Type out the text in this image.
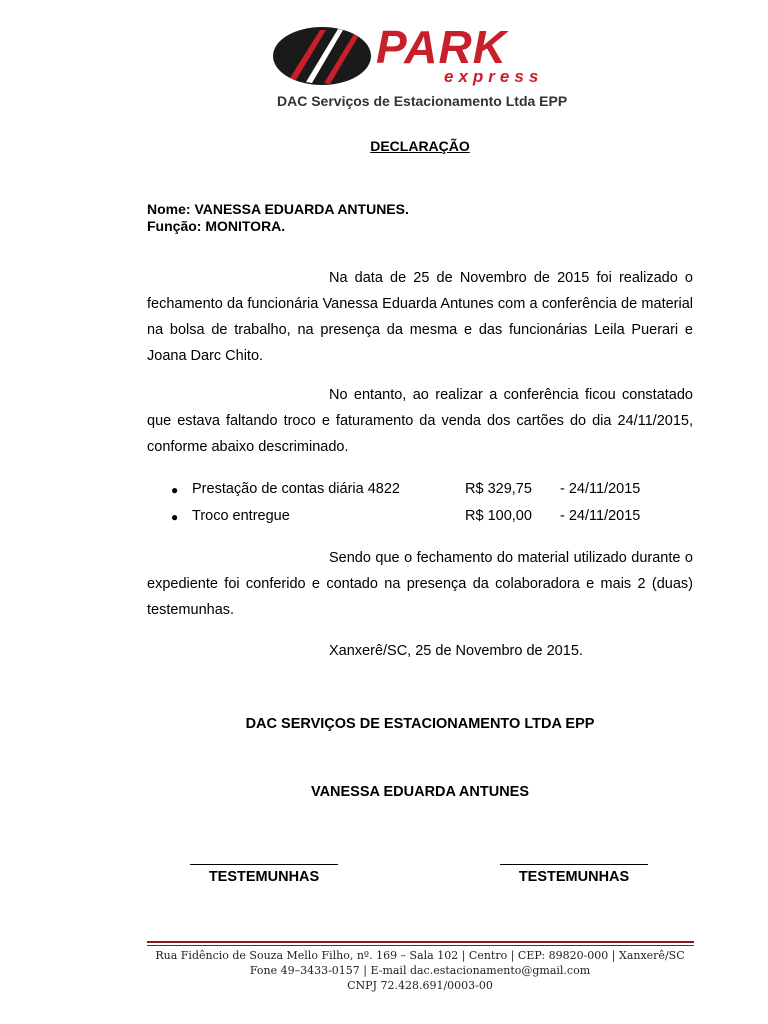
PARK
express
DAC Serviços de Estacionamento Ltda EPP
DECLARAÇÃO
Nome: VANESSA EDUARDA ANTUNES.
Função: MONITORA.

Na data de 25 de Novembro de 2015 foi realizado o fechamento da funcionária Vanessa Eduarda Antunes com a conferência de material na bolsa de trabalho, na presença da mesma e das funcionárias Leila Puerari e Joana Darc Chito.

No entanto, ao realizar a conferência ficou constatado que estava faltando troco e faturamento da venda dos cartões do dia 24/11/2015, conforme abaixo descriminado.

● Prestação de contas diária 4822	R$ 329,75 - 24/11/2015
● Troco entregue	R$ 100,00 - 24/11/2015

Sendo que o fechamento do material utilizado durante o expediente foi conferido e contado na presença da colaboradora e mais 2 (duas) testemunhas.

Xanxerê/SC, 25 de Novembro de 2015.
DAC SERVIÇOS DE ESTACIONAMENTO LTDA EPP
VANESSA EDUARDA ANTUNES
TESTEMUNHAS	TESTEMUNHAS
Rua Fidêncio de Souza Mello Filho, nº. 169 – Sala 102 | Centro | CEP: 89820-000 | Xanxerê/SC
Fone 49–3433-0157 | E-mail dac.estacionamento@gmail.com
CNPJ 72.428.691/0003-00
